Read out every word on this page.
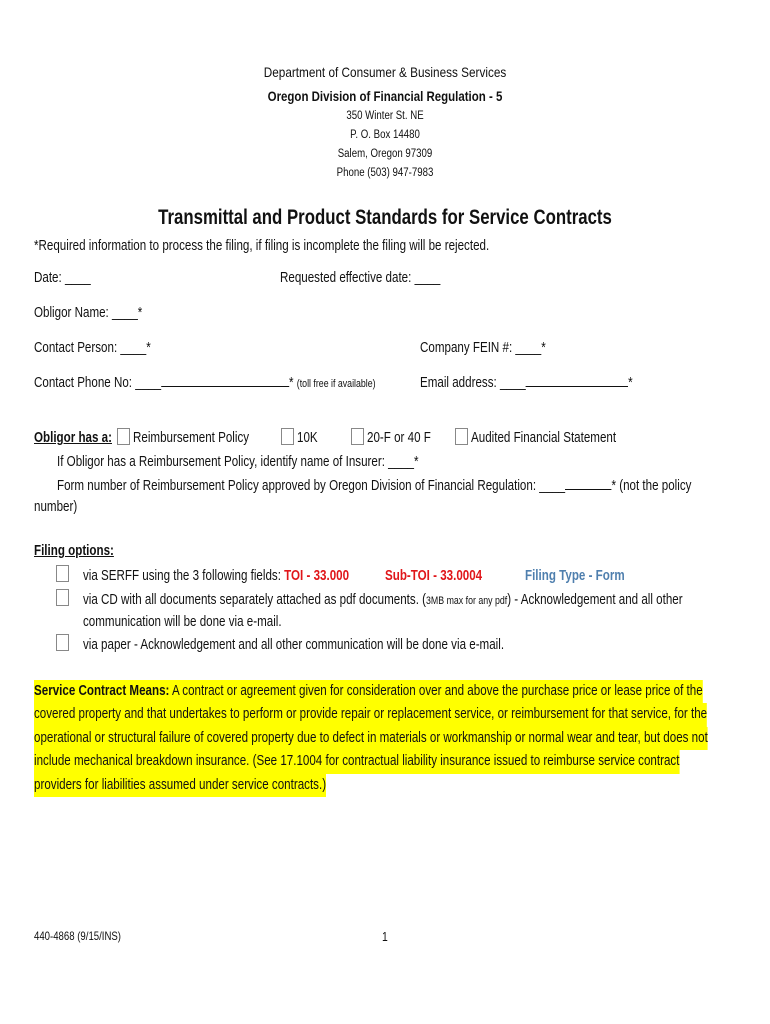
Department of Consumer & Business Services
Oregon Division of Financial Regulation - 5
350 Winter St. NE
P. O. Box 14480
Salem, Oregon 97309
Phone (503) 947-7983
Transmittal and Product Standards for Service Contracts
*Required information to process the filing, if filing is incomplete the filing will be rejected.
Date: ____	Requested effective date: ____
Obligor Name: ____*
Contact Person: ____*	Company FEIN #: ____*
Contact Phone No: ____	* (toll free if available)	Email address: ____	*
Obligor has a: Reimbursement Policy	10K	20-F or 40 F	Audited Financial Statement
If Obligor has a Reimbursement Policy, identify name of Insurer: ____*
Form number of Reimbursement Policy approved by Oregon Division of Financial Regulation: ____	* (not the policy
number)
Filing options:
via SERFF using the 3 following fields: TOI - 33.000 Sub-TOI - 33.0004	Filing Type - Form
via CD with all documents separately attached as pdf documents. (3MB max for any pdf) - Acknowledgement and all other
communication will be done via e-mail.
via paper - Acknowledgement and all other communication will be done via e-mail.
Service Contract Means: A contract or agreement given for consideration over and above the purchase price or lease price of the
covered property and that undertakes to perform or provide repair or replacement service, or reimbursement for that service, for the
operational or structural failure of covered property due to defect in materials or workmanship or normal wear and tear, but does not
include mechanical breakdown insurance. (See 17.1004 for contractual liability insurance issued to reimburse service contract
providers for liabilities assumed under service contracts.)
440-4868 (9/15/INS)	1
